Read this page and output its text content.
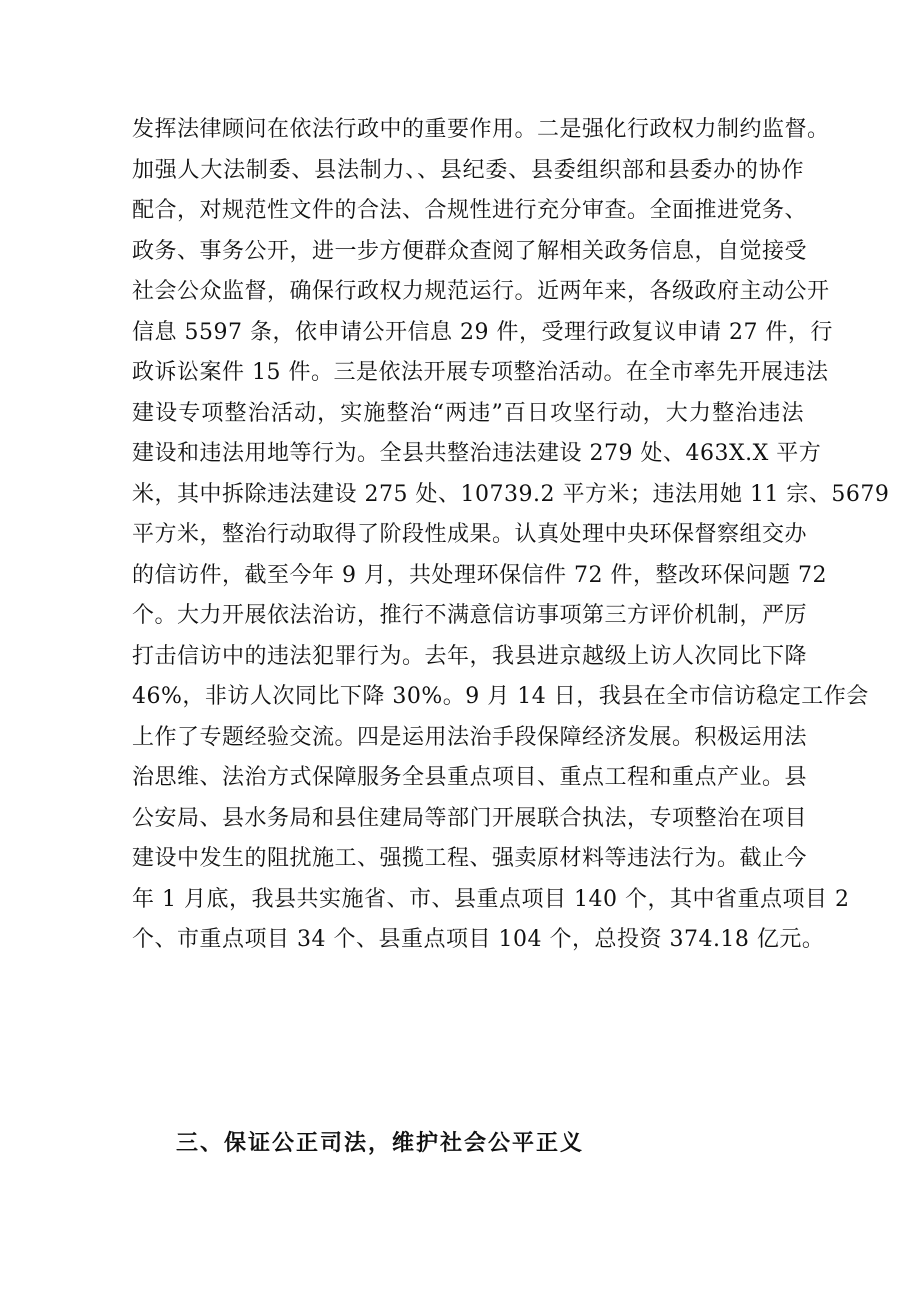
发挥法律顾问在依法行政中的重要作用。二是强化行政权力制约监督。
加强人大法制委、县法制力、、县纪委、县委组织部和县委办的协作
配合，对规范性文件的合法、合规性进行充分审查。全面推进党务、
政务、事务公开，进一步方便群众查阅了解相关政务信息，自觉接受
社会公众监督，确保行政权力规范运行。近两年来，各级政府主动公开
信息 5597 条，依申请公开信息 29 件，受理行政复议申请 27 件，行
政诉讼案件 15 件。三是依法开展专项整治活动。在全市率先开展违法
建设专项整治活动，实施整治“两违”百日攻坚行动，大力整治违法
建设和违法用地等行为。全县共整治违法建设 279 处、463X.X 平方
米，其中拆除违法建设 275 处、10739.2 平方米；违法用她 11 宗、5679
平方米，整治行动取得了阶段性成果。认真处理中央环保督察组交办
的信访件，截至今年 9 月，共处理环保信件 72 件，整改环保问题 72
个。大力开展依法治访，推行不满意信访事项第三方评价机制，严厉
打击信访中的违法犯罪行为。去年，我县进京越级上访人次同比下降
46%，非访人次同比下降 30%。9 月 14 日，我县在全市信访稳定工作会
上作了专题经验交流。四是运用法治手段保障经济发展。积极运用法
治思维、法治方式保障服务全县重点项目、重点工程和重点产业。县
公安局、县水务局和县住建局等部门开展联合执法，专项整治在项目
建设中发生的阻扰施工、强揽工程、强卖原材料等违法行为。截止今
年 1 月底，我县共实施省、市、县重点项目 140 个，其中省重点项目 2
个、市重点项目 34 个、县重点项目 104 个，总投资 374.18 亿元。
三、保证公正司法，维护社会公平正义
